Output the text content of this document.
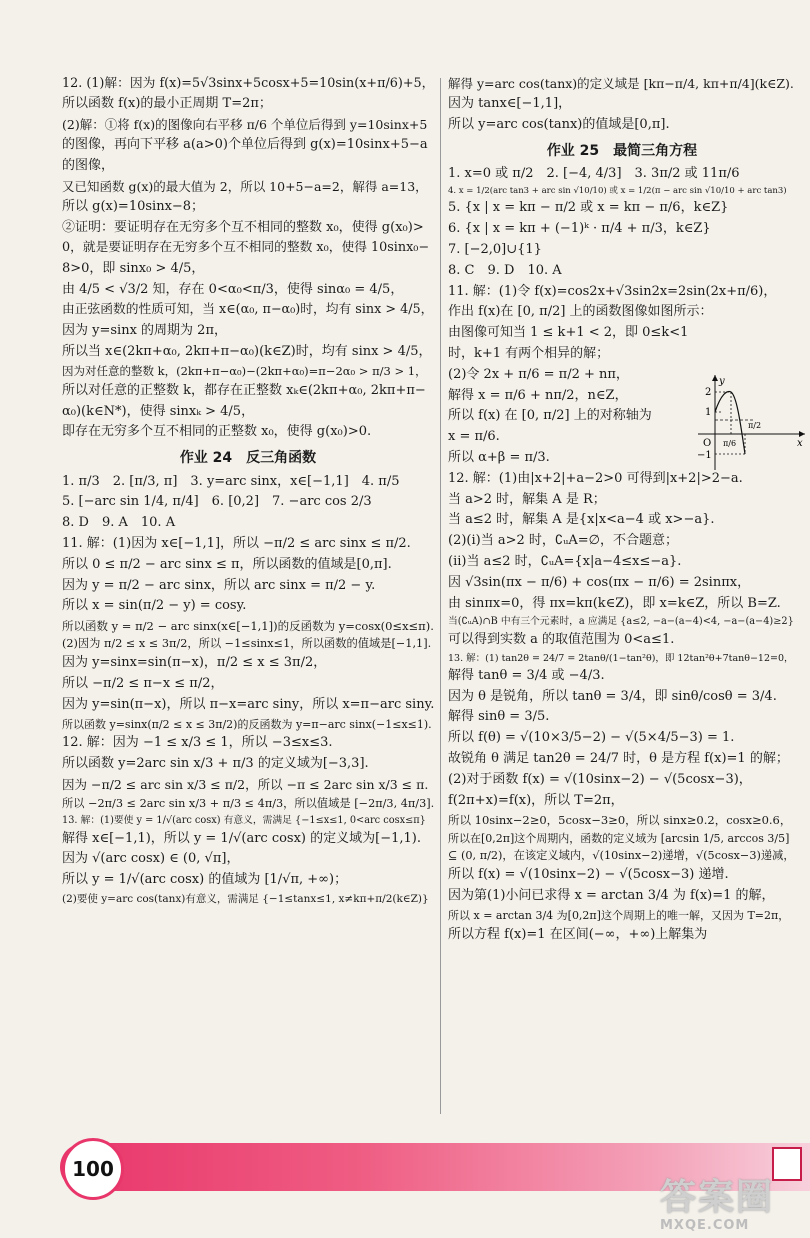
12. (1)解：因为 f(x)=5√3sinx+5cosx+5=10sin(x+π/6)+5，
所以函数 f(x)的最小正周期 T=2π；
(2)解：①将 f(x)的图像向右平移 π/6 个单位后得到 y=10sinx+5
的图像，再向下平移 a(a>0)个单位后得到 g(x)=10sinx+5−a
的图像，
又已知函数 g(x)的最大值为 2，所以 10+5−a=2，解得 a=13，
所以 g(x)=10sinx−8；
②证明：要证明存在无穷多个互不相同的整数 x₀，使得 g(x₀)>
0，就是要证明存在无穷多个互不相同的整数 x₀，使得 10sinx₀−
8>0，即 sinx₀ > 4/5，
由 4/5 < √3/2 知，存在 0<α₀<π/3，使得 sinα₀ = 4/5，
由正弦函数的性质可知，当 x∈(α₀, π−α₀)时，均有 sinx > 4/5，
因为 y=sinx 的周期为 2π，
所以当 x∈(2kπ+α₀, 2kπ+π−α₀)(k∈Z)时，均有 sinx > 4/5，
因为对任意的整数 k，(2kπ+π−α₀)−(2kπ+α₀)=π−2α₀ > π/3 > 1，
所以对任意的正整数 k，都存在正整数 xₖ∈(2kπ+α₀, 2kπ+π−
α₀)(k∈N*)，使得 sinxₖ > 4/5，
即存在无穷多个互不相同的正整数 x₀，使得 g(x₀)>0.
作业 24　反三角函数
1. π/3　2. [π/3, π]　3. y=arc sinx，x∈[−1,1]　4. π/5
5. [−arc sin 1/4, π/4]　6. [0,2]　7. −arc cos 2/3
8. D　9. A　10. A
11. 解：(1)因为 x∈[−1,1]，所以 −π/2 ≤ arc sinx ≤ π/2.
所以 0 ≤ π/2 − arc sinx ≤ π，所以函数的值域是[0,π].
因为 y = π/2 − arc sinx，所以 arc sinx = π/2 − y.
所以 x = sin(π/2 − y) = cosy.
所以函数 y = π/2 − arc sinx(x∈[−1,1])的反函数为 y=cosx(0≤x≤π).
(2)因为 π/2 ≤ x ≤ 3π/2，所以 −1≤sinx≤1，所以函数的值域是[−1,1].
因为 y=sinx=sin(π−x)，π/2 ≤ x ≤ 3π/2，
所以 −π/2 ≤ π−x ≤ π/2，
因为 y=sin(π−x)，所以 π−x=arc siny，所以 x=π−arc siny.
所以函数 y=sinx(π/2 ≤ x ≤ 3π/2)的反函数为 y=π−arc sinx(−1≤x≤1).
12. 解：因为 −1 ≤ x/3 ≤ 1，所以 −3≤x≤3.
所以函数 y=2arc sin x/3 + π/3 的定义域为[−3,3].
因为 −π/2 ≤ arc sin x/3 ≤ π/2，所以 −π ≤ 2arc sin x/3 ≤ π.
所以 −2π/3 ≤ 2arc sin x/3 + π/3 ≤ 4π/3，所以值域是 [−2π/3, 4π/3].
13. 解：(1)要使 y = 1/√(arc cosx) 有意义，需满足 {−1≤x≤1, 0<arc cosx≤π}
解得 x∈[−1,1)，所以 y = 1/√(arc cosx) 的定义域为[−1,1).
因为 √(arc cosx) ∈ (0, √π]，
所以 y = 1/√(arc cosx) 的值域为 [1/√π, +∞)；
(2)要使 y=arc cos(tanx)有意义，需满足 {−1≤tanx≤1, x≠kπ+π/2(k∈Z)}
解得 y=arc cos(tanx)的定义域是 [kπ−π/4, kπ+π/4](k∈Z).
因为 tanx∈[−1,1]，
所以 y=arc cos(tanx)的值域是[0,π].
作业 25　最简三角方程
1. x=0 或 π/2　2. [−4, 4/3]　3. 3π/2 或 11π/6
4. x = 1/2(arc tan3 + arc sin √10/10) 或 x = 1/2(π − arc sin √10/10 + arc tan3)
5. {x | x = kπ − π/2 或 x = kπ − π/6，k∈Z}
6. {x | x = kπ + (−1)ᵏ · π/4 + π/3，k∈Z}
7. [−2,0]∪{1}
8. C　9. D　10. A
11. 解：(1)令 f(x)=cos2x+√3sin2x=2sin(2x+π/6)，
作出 f(x)在 [0, π/2] 上的函数图像如图所示：
由图像可知当 1 ≤ k+1 < 2，即 0≤k<1
时，k+1 有两个相异的解；
(2)令 2x + π/6 = π/2 + nπ，
解得 x = π/6 + nπ/2，n∈Z，
所以 f(x) 在 [0, π/2] 上的对称轴为
x = π/6.
所以 α+β = π/3.
12. 解：(1)由|x+2|+a−2>0 可得到|x+2|>2−a.
当 a>2 时，解集 A 是 R；
当 a≤2 时，解集 A 是{x|x<a−4 或 x>−a}.
(2)(i)当 a>2 时，∁ᵤA=∅，不合题意；
(ii)当 a≤2 时，∁ᵤA={x|a−4≤x≤−a}.
因 √3sin(πx − π/6) + cos(πx − π/6) = 2sinπx，
由 sinπx=0，得 πx=kπ(k∈Z)，即 x=k∈Z，所以 B=Z.
当(∁ᵤA)∩B 中有三个元素时，a 应满足 {a≤2, −a−(a−4)<4, −a−(a−4)≥2}
可以得到实数 a 的取值范围为 0<a≤1.
13. 解：(1) tan2θ = 24/7 = 2tanθ/(1−tan²θ)，即 12tan²θ+7tanθ−12=0，
解得 tanθ = 3/4 或 −4/3.
因为 θ 是锐角，所以 tanθ = 3/4，即 sinθ/cosθ = 3/4.
解得 sinθ = 3/5.
所以 f(θ) = √(10×3/5−2) − √(5×4/5−3) = 1.
故锐角 θ 满足 tan2θ = 24/7 时，θ 是方程 f(x)=1 的解；
(2)对于函数 f(x) = √(10sinx−2) − √(5cosx−3)，
f(2π+x)=f(x)，所以 T=2π，
所以 10sinx−2≥0，5cosx−3≥0，所以 sinx≥0.2，cosx≥0.6，
所以在[0,2π]这个周期内，函数的定义域为 [arcsin 1/5, arccos 3/5]
⊆ (0, π/2)，在该定义域内，√(10sinx−2)递增，√(5cosx−3)递减，
所以 f(x) = √(10sinx−2) − √(5cosx−3) 递增.
因为第(1)小问已求得 x = arctan 3/4 为 f(x)=1 的解，
所以 x = arctan 3/4 为[0,2π]这个周期上的唯一解，又因为 T=2π，
所以方程 f(x)=1 在区间(−∞，+∞)上解集为
y
x
O
2
1
−1
π/6
π/2
100
答案圈
MXQE.COM
